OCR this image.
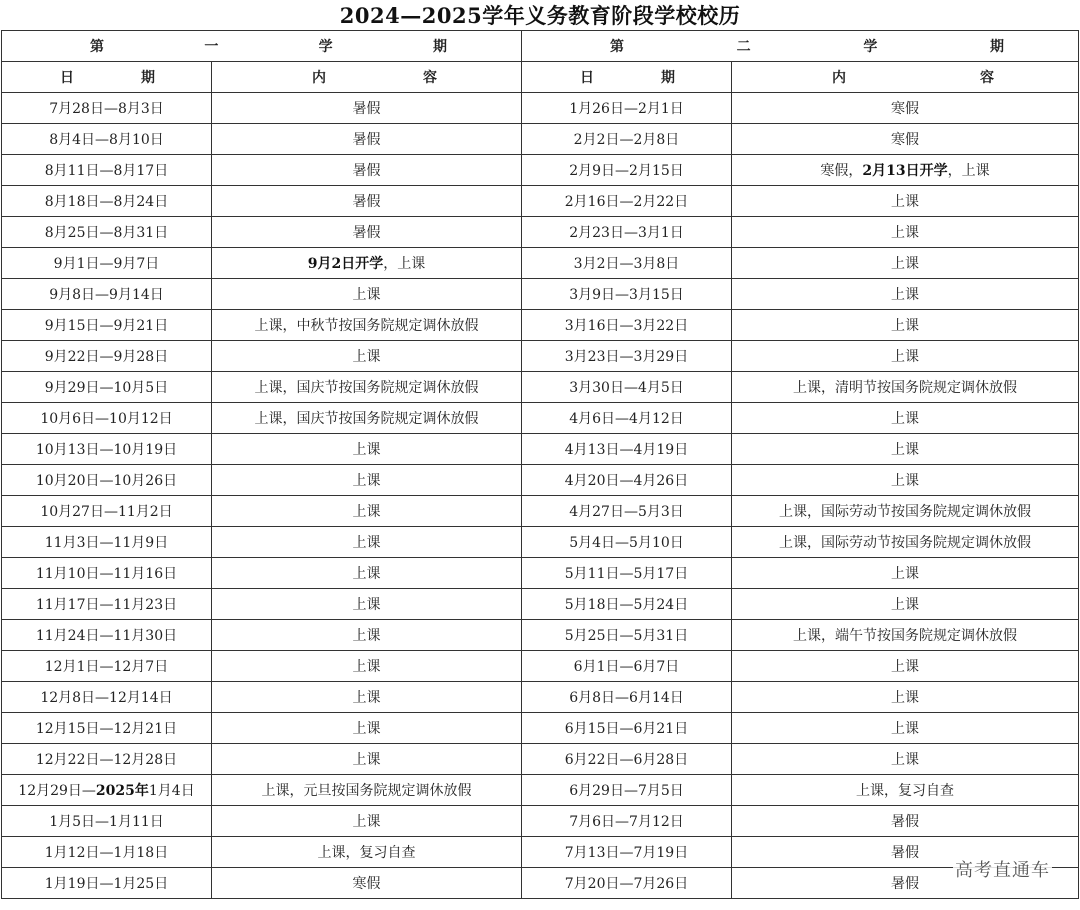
2024—2025学年义务教育阶段学校校历
第 一 学 期		第 二 学 期	

日 期	内 容	日 期	内 容

7月28日—8月3日	暑假	1月26日—2月1日	寒假
8月4日—8月10日	暑假	2月2日—2月8日	寒假
8月11日—8月17日	暑假	2月9日—2月15日	寒假，2月13日开学，上课
8月18日—8月24日	暑假	2月16日—2月22日	上课
8月25日—8月31日	暑假	2月23日—3月1日	上课
9月1日—9月7日	9月2日开学，上课	3月2日—3月8日	上课
9月8日—9月14日	上课	3月9日—3月15日	上课
9月15日—9月21日	上课，中秋节按国务院规定调休放假	3月16日—3月22日	上课
9月22日—9月28日	上课	3月23日—3月29日	上课
9月29日—10月5日	上课，国庆节按国务院规定调休放假	3月30日—4月5日	上课，清明节按国务院规定调休放假
10月6日—10月12日	上课，国庆节按国务院规定调休放假	4月6日—4月12日	上课
10月13日—10月19日	上课	4月13日—4月19日	上课
10月20日—10月26日	上课	4月20日—4月26日	上课
10月27日—11月2日	上课	4月27日—5月3日	上课，国际劳动节按国务院规定调休放假
11月3日—11月9日	上课	5月4日—5月10日	上课，国际劳动节按国务院规定调休放假
11月10日—11月16日	上课	5月11日—5月17日	上课
11月17日—11月23日	上课	5月18日—5月24日	上课
11月24日—11月30日	上课	5月25日—5月31日	上课，端午节按国务院规定调休放假
12月1日—12月7日	上课	6月1日—6月7日	上课
12月8日—12月14日	上课	6月8日—6月14日	上课
12月15日—12月21日	上课	6月15日—6月21日	上课
12月22日—12月28日	上课	6月22日—6月28日	上课
12月29日—2025年1月4日	上课，元旦按国务院规定调休放假	6月29日—7月5日	上课，复习自查
1月5日—1月11日	上课	7月6日—7月12日	暑假
1月12日—1月18日	上课，复习自查	7月13日—7月19日	暑假
1月19日—1月25日	寒假	7月20日—7月26日	暑假
高考直通车
